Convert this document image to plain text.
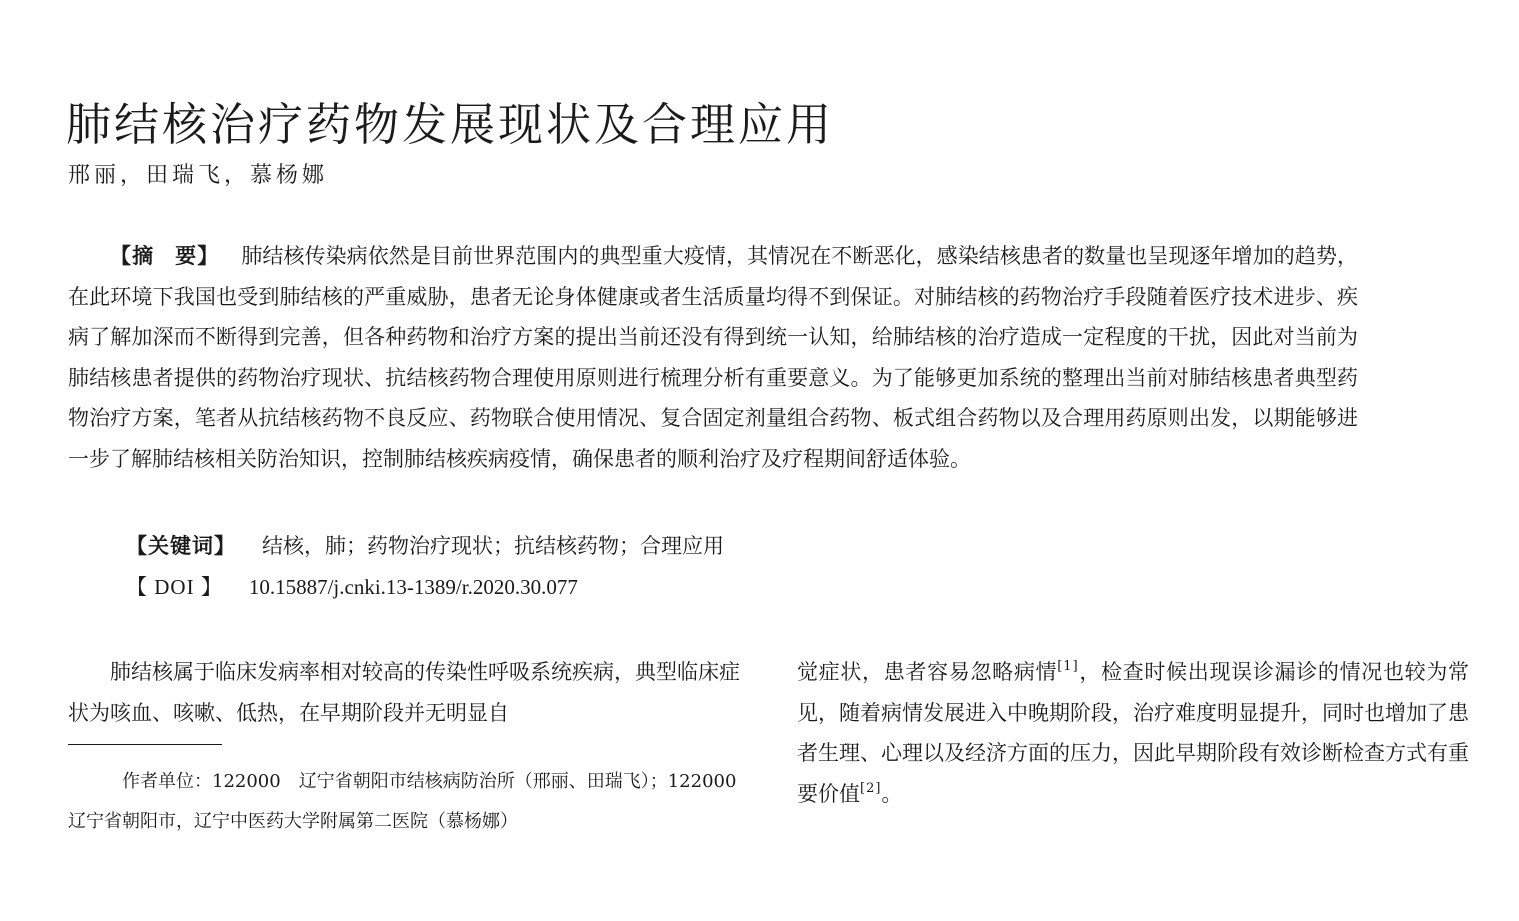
肺结核治疗药物发展现状及合理应用
邢丽，田瑞飞，慕杨娜
【摘要】 肺结核传染病依然是目前世界范围内的典型重大疫情，其情况在不断恶化，感染结核患者的数量也呈现逐年增加的趋势，在此环境下我国也受到肺结核的严重威胁，患者无论身体健康或者生活质量均得不到保证。对肺结核的药物治疗手段随着医疗技术进步、疾病了解加深而不断得到完善，但各种药物和治疗方案的提出当前还没有得到统一认知，给肺结核的治疗造成一定程度的干扰，因此对当前为肺结核患者提供的药物治疗现状、抗结核药物合理使用原则进行梳理分析有重要意义。为了能够更加系统的整理出当前对肺结核患者典型药物治疗方案，笔者从抗结核药物不良反应、药物联合使用情况、复合固定剂量组合药物、板式组合药物以及合理用药原则出发，以期能够进一步了解肺结核相关防治知识，控制肺结核疾病疫情，确保患者的顺利治疗及疗程期间舒适体验。
【关键词】 结核，肺；药物治疗现状；抗结核药物；合理应用
【 DOI 】 10.15887/j.cnki.13-1389/r.2020.30.077
肺结核属于临床发病率相对较高的传染性呼吸系统疾病，典型临床症状为咳血、咳嗽、低热，在早期阶段并无明显自
作者单位：122000　辽宁省朝阳市结核病防治所（邢丽、田瑞飞）；122000　辽宁省朝阳市，辽宁中医药大学附属第二医院（慕杨娜）
觉症状，患者容易忽略病情[1]，检查时候出现误诊漏诊的情况也较为常见，随着病情发展进入中晚期阶段，治疗难度明显提升，同时也增加了患者生理、心理以及经济方面的压力，因此早期阶段有效诊断检查方式有重要价值[2]。
